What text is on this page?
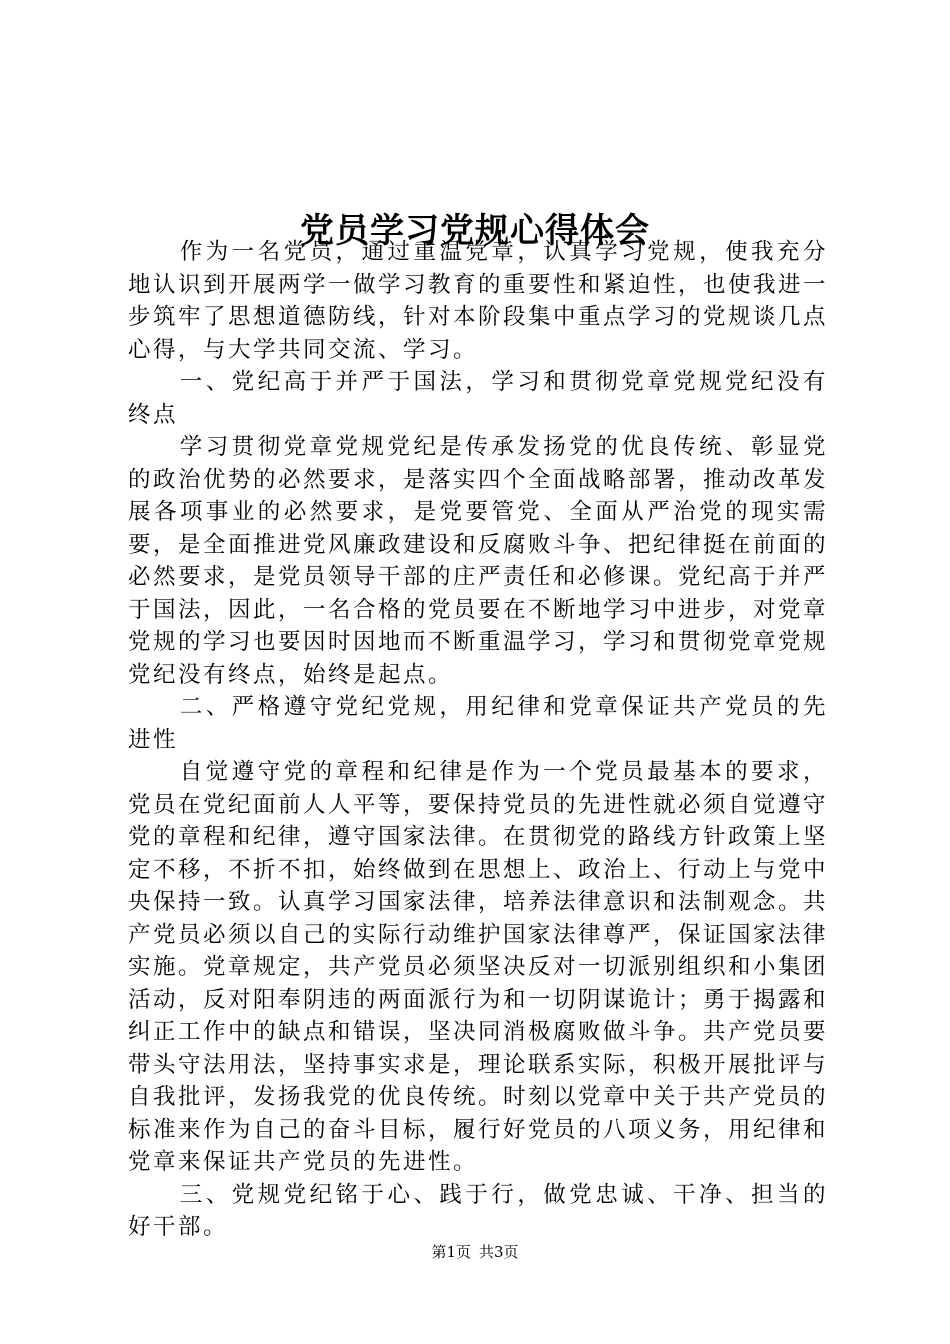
党员学习党规心得体会

作为一名党员，通过重温党章，认真学习党规，使我充分地认识到开展两学一做学习教育的重要性和紧迫性，也使我进一步筑牢了思想道德防线，针对本阶段集中重点学习的党规谈几点心得，与大学共同交流、学习。

一、党纪高于并严于国法，学习和贯彻党章党规党纪没有终点

学习贯彻党章党规党纪是传承发扬党的优良传统、彰显党的政治优势的必然要求，是落实四个全面战略部署，推动改革发展各项事业的必然要求，是党要管党、全面从严治党的现实需要，是全面推进党风廉政建设和反腐败斗争、把纪律挺在前面的必然要求，是党员领导干部的庄严责任和必修课。党纪高于并严于国法，因此，一名合格的党员要在不断地学习中进步，对党章党规的学习也要因时因地而不断重温学习，学习和贯彻党章党规党纪没有终点，始终是起点。

二、严格遵守党纪党规，用纪律和党章保证共产党员的先进性

自觉遵守党的章程和纪律是作为一个党员最基本的要求，党员在党纪面前人人平等，要保持党员的先进性就必须自觉遵守党的章程和纪律，遵守国家法律。在贯彻党的路线方针政策上坚定不移，不折不扣，始终做到在思想上、政治上、行动上与党中央保持一致。认真学习国家法律，培养法律意识和法制观念。共产党员必须以自己的实际行动维护国家法律尊严，保证国家法律实施。党章规定，共产党员必须坚决反对一切派别组织和小集团活动，反对阳奉阴违的两面派行为和一切阴谋诡计；勇于揭露和纠正工作中的缺点和错误，坚决同消极腐败做斗争。共产党员要带头守法用法，坚持事实求是，理论联系实际，积极开展批评与自我批评，发扬我党的优良传统。时刻以党章中关于共产党员的标准来作为自己的奋斗目标，履行好党员的八项义务，用纪律和党章来保证共产党员的先进性。

三、党规党纪铭于心、践于行，做党忠诚、干净、担当的好干部。

第1页 共3页
